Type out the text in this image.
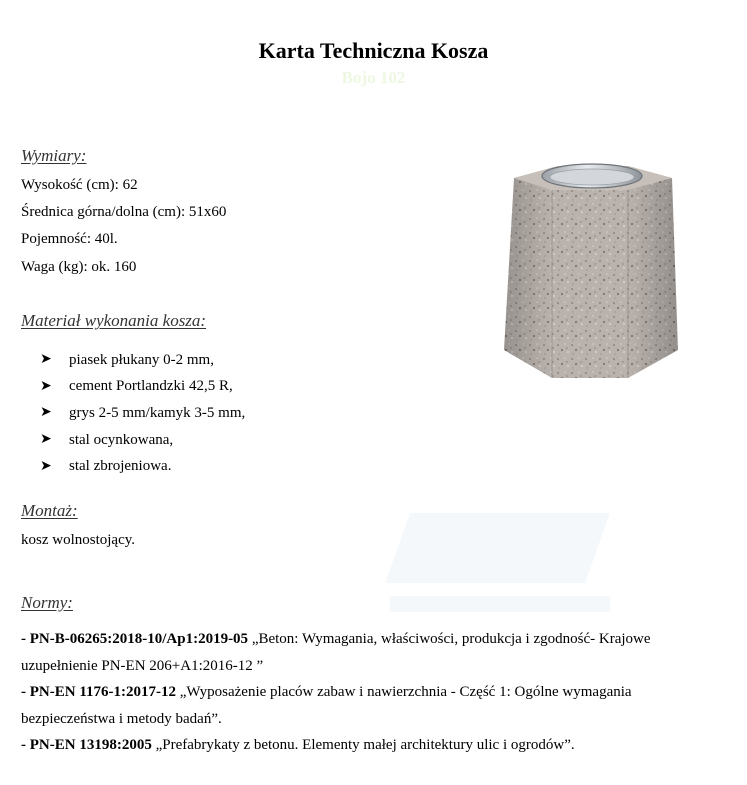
Karta Techniczna Kosza
Bojo 102
Wymiary:
Wysokość (cm): 62
Średnica górna/dolna (cm): 51x60
Pojemność: 40l.
Waga (kg): ok. 160
Materiał wykonania kosza:
➤	piasek płukany 0-2 mm,
➤	cement Portlandzki 42,5 R,
➤	grys 2-5 mm/kamyk 3-5 mm,
➤	stal ocynkowana,
➤	stal zbrojeniowa.
Montaż:
kosz wolnostojący.
Normy:
- PN-B-06265:2018-10/Ap1:2019-05 „Beton: Wymagania, właściwości, produkcja i zgodność- Krajowe uzupełnienie PN-EN 206+A1:2016-12 ”
- PN-EN 1176-1:2017-12 „Wyposażenie placów zabaw i nawierzchnia - Część 1: Ogólne wymagania bezpieczeństwa i metody badań”.
- PN-EN 13198:2005 „Prefabrykaty z betonu. Elementy małej architektury ulic i ogrodów”.
